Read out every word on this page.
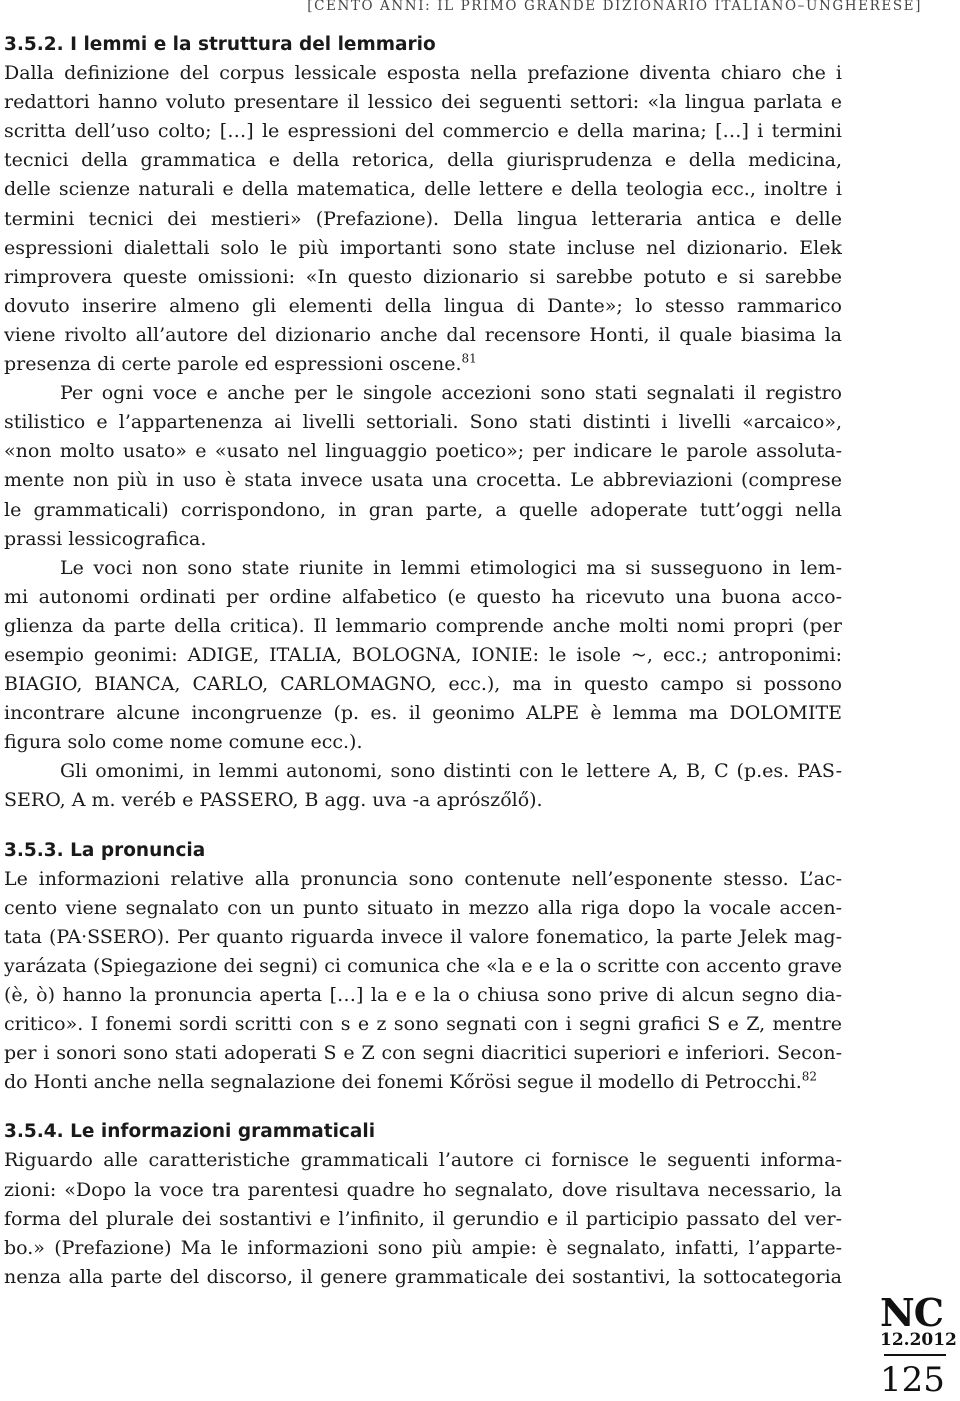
[CENTO ANNI: IL PRIMO GRANDE DIZIONARIO ITALIANO–UNGHERESE]
3.5.2. I lemmi e la struttura del lemmario
Dalla definizione del corpus lessicale esposta nella prefazione diventa chiaro che i
redattori hanno voluto presentare il lessico dei seguenti settori: «la lingua parlata e
scritta dell’uso colto; […] le espressioni del commercio e della marina; […] i termini
tecnici della grammatica e della retorica, della giurisprudenza e della medicina,
delle scienze naturali e della matematica, delle lettere e della teologia ecc., inoltre i
termini tecnici dei mestieri» (Prefazione). Della lingua letteraria antica e delle
espressioni dialettali solo le più importanti sono state incluse nel dizionario. Elek
rimprovera queste omissioni: «In questo dizionario si sarebbe potuto e si sarebbe
dovuto inserire almeno gli elementi della lingua di Dante»; lo stesso rammarico
viene rivolto all’autore del dizionario anche dal recensore Honti, il quale biasima la
presenza di certe parole ed espressioni oscene.$^{81}$
Per ogni voce e anche per le singole accezioni sono stati segnalati il registro
stilistico e l’appartenenza ai livelli settoriali. Sono stati distinti i livelli «arcaico»,
«non molto usato» e «usato nel linguaggio poetico»; per indicare le parole assoluta-
mente non più in uso è stata invece usata una crocetta. Le abbreviazioni (comprese
le grammaticali) corrispondono, in gran parte, a quelle adoperate tutt’oggi nella
prassi lessicografica.
Le voci non sono state riunite in lemmi etimologici ma si susseguono in lem-
mi autonomi ordinati per ordine alfabetico (e questo ha ricevuto una buona acco-
glienza da parte della critica). Il lemmario comprende anche molti nomi propri (per
esempio geonimi: ADIGE, ITALIA, BOLOGNA, IONIE: le isole ~, ecc.; antroponimi:
BIAGIO, BIANCA, CARLO, CARLOMAGNO, ecc.), ma in questo campo si possono
incontrare alcune incongruenze (p. es. il geonimo ALPE è lemma ma DOLOMITE
figura solo come nome comune ecc.).
Gli omonimi, in lemmi autonomi, sono distinti con le lettere A, B, C (p.es. PAS-
SERO, A m. veréb e PASSERO, B agg. uva -a aprószőlő).
3.5.3. La pronuncia
Le informazioni relative alla pronuncia sono contenute nell’esponente stesso. L’ac-
cento viene segnalato con un punto situato in mezzo alla riga dopo la vocale accen-
tata (PA·SSERO). Per quanto riguarda invece il valore fonematico, la parte Jelek mag-
yarázata (Spiegazione dei segni) ci comunica che «la e e la o scritte con accento grave
(è, ò) hanno la pronuncia aperta […] la e e la o chiusa sono prive di alcun segno dia-
critico». I fonemi sordi scritti con s e z sono segnati con i segni grafici S e Z, mentre
per i sonori sono stati adoperati S e Z con segni diacritici superiori e inferiori. Secon-
do Honti anche nella segnalazione dei fonemi Kőrösi segue il modello di Petrocchi.$^{82}$
3.5.4. Le informazioni grammaticali
Riguardo alle caratteristiche grammaticali l’autore ci fornisce le seguenti informa-
zioni: «Dopo la voce tra parentesi quadre ho segnalato, dove risultava necessario, la
forma del plurale dei sostantivi e l’infinito, il gerundio e il participio passato del ver-
bo.» (Prefazione) Ma le informazioni sono più ampie: è segnalato, infatti, l’apparte-
nenza alla parte del discorso, il genere grammaticale dei sostantivi, la sottocategoria
NC
12.2012
125
